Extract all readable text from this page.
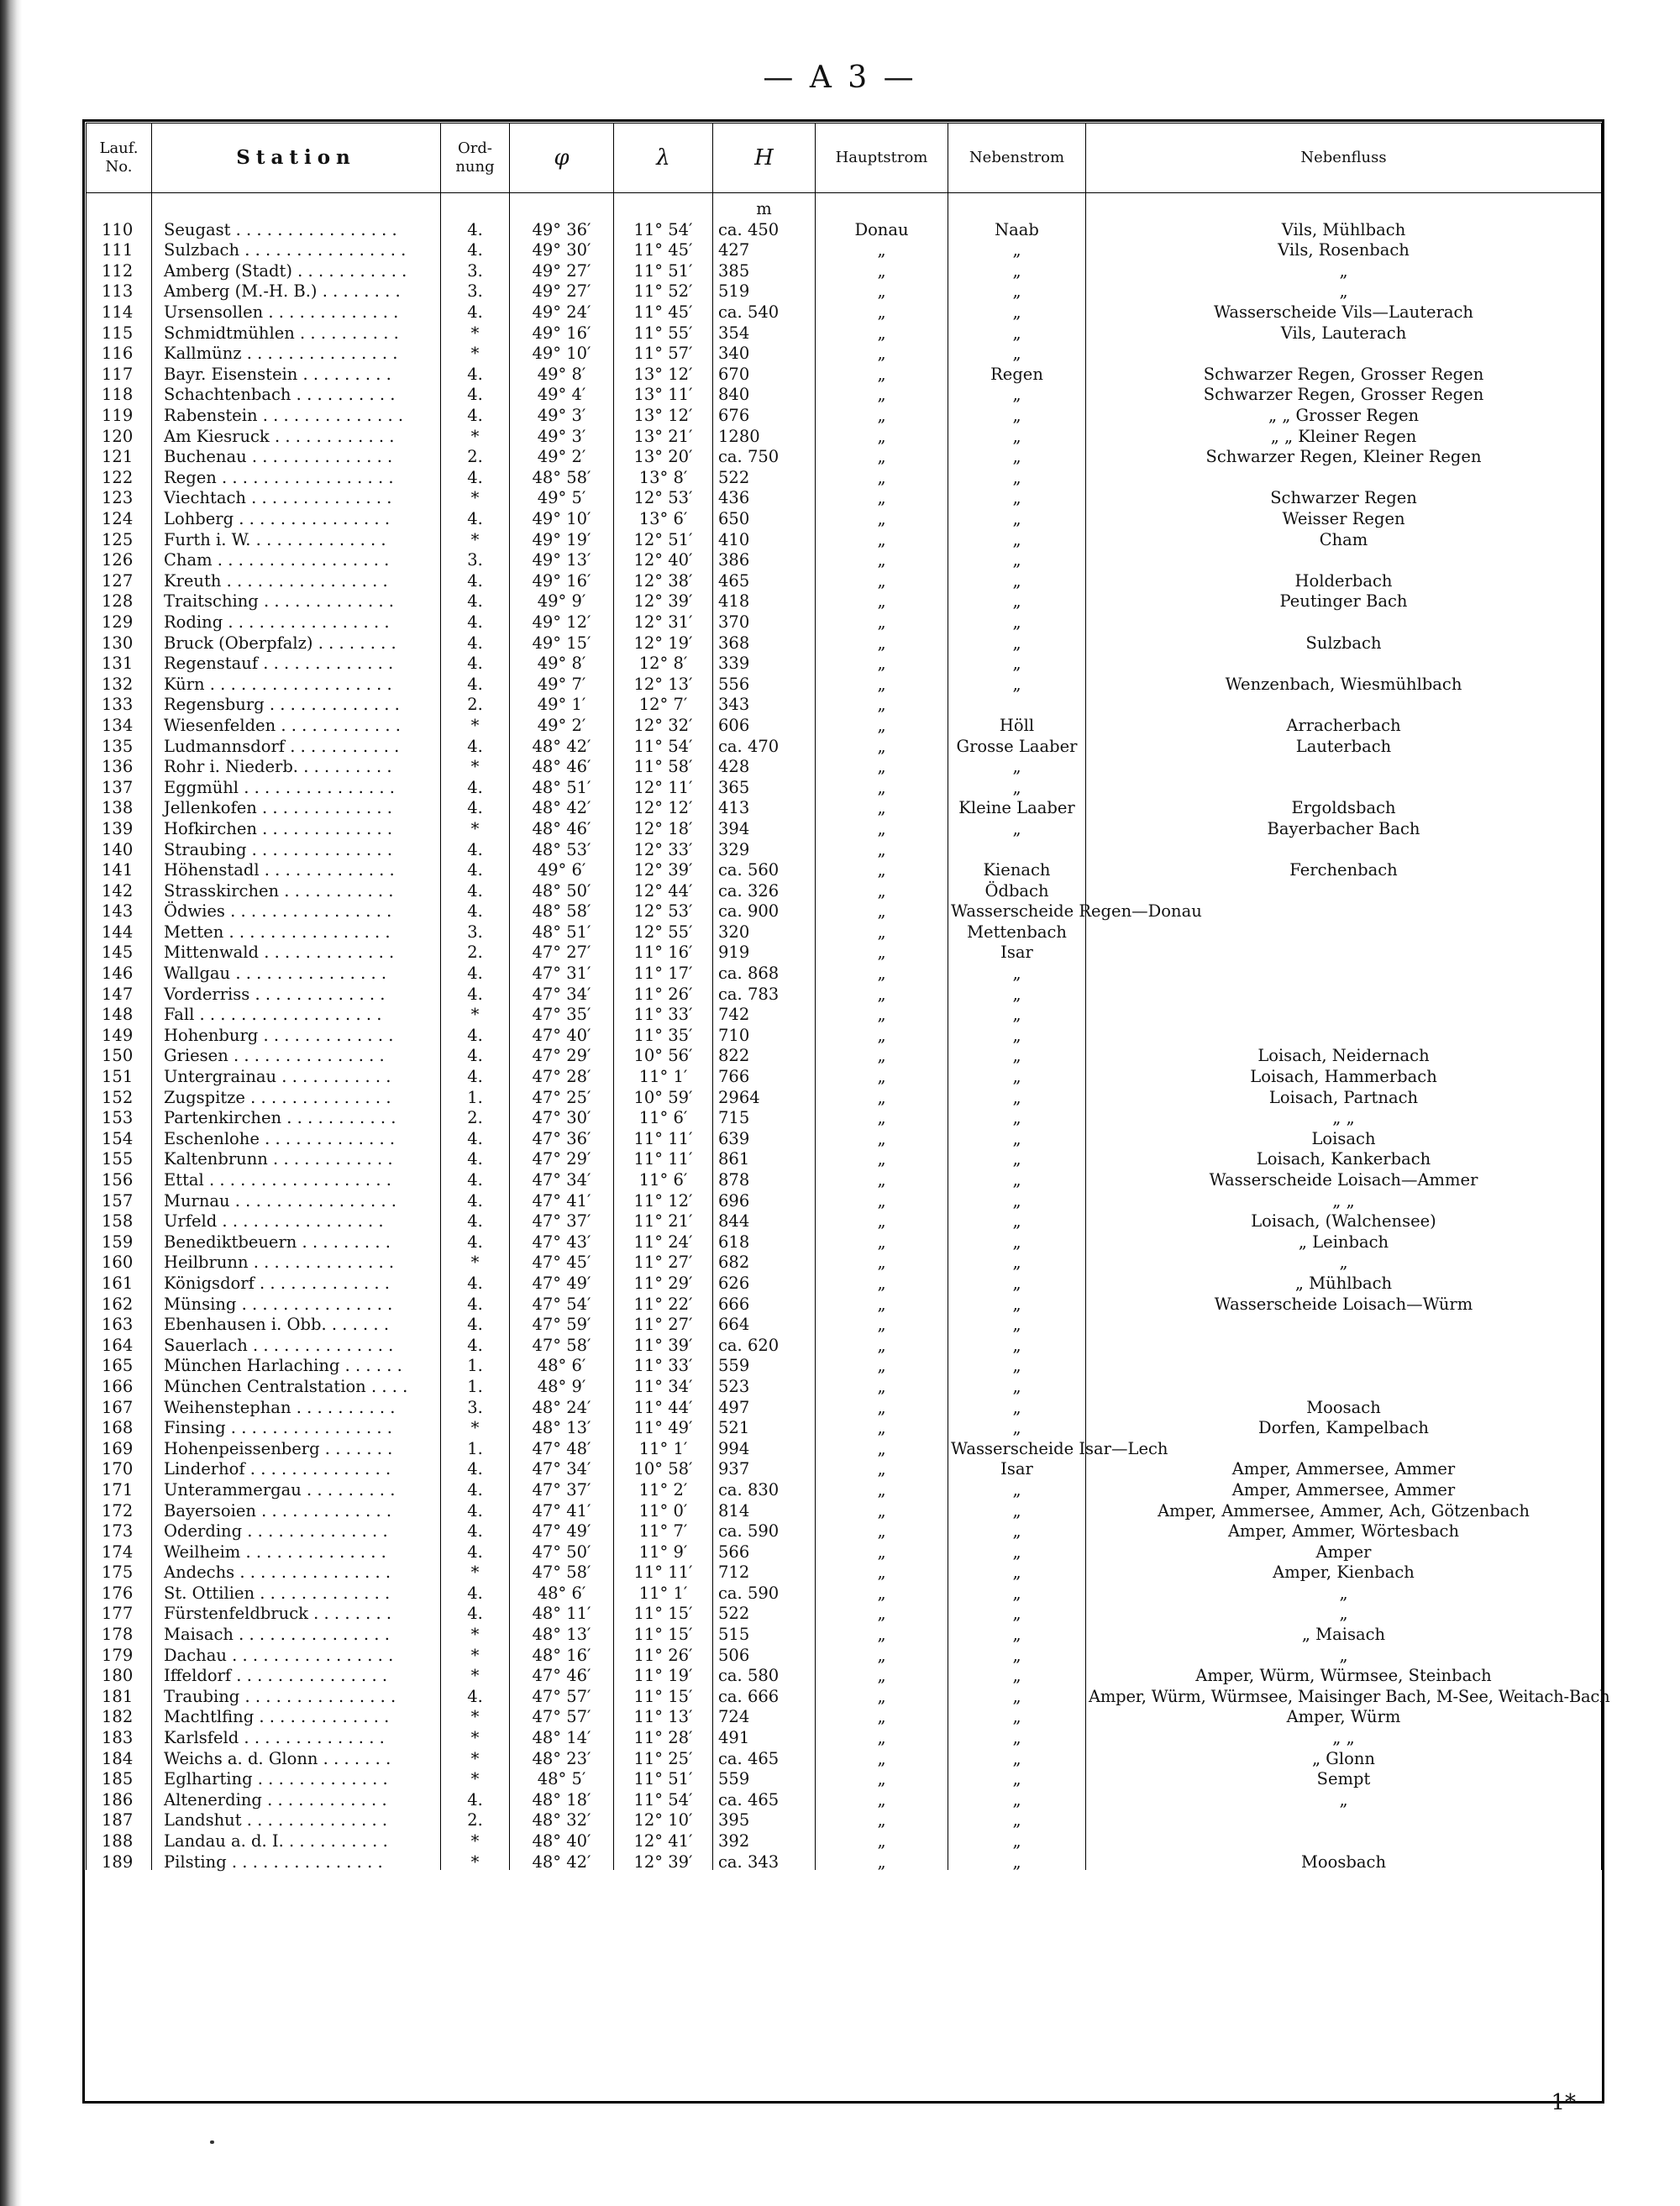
— A 3 —
Lauf. No.	Station	Ord- nung	φ	λ	H	Hauptstrom	Nebenstrom	Nebenfluss
					m			
110	Seugast . . . . . . . . . . . . . . . .	4.	49° 36′	11° 54′	ca. 450	Donau	Naab	Vils, Mühlbach
111	Sulzbach . . . . . . . . . . . . . . . .	4.	49° 30′	11° 45′	427	„	„	Vils, Rosenbach
112	Amberg (Stadt) . . . . . . . . . . .	3.	49° 27′	11° 51′	385	„	„	„
113	Amberg (M.-H. B.) . . . . . . . .	3.	49° 27′	11° 52′	519	„	„	„
114	Ursensollen . . . . . . . . . . . . .	4.	49° 24′	11° 45′	ca. 540	„	„	Wasserscheide Vils—Lauterach
115	Schmidtmühlen . . . . . . . . . .	*	49° 16′	11° 55′	354	„	„	Vils, Lauterach
116	Kallmünz . . . . . . . . . . . . . . .	*	49° 10′	11° 57′	340	„	„	
117	Bayr. Eisenstein . . . . . . . . .	4.	49° 8′	13° 12′	670	„	Regen	Schwarzer Regen, Grosser Regen
118	Schachtenbach . . . . . . . . . .	4.	49° 4′	13° 11′	840	„	„	Schwarzer Regen, Grosser Regen
119	Rabenstein . . . . . . . . . . . . . .	4.	49° 3′	13° 12′	676	„	„	„ „ Grosser Regen
120	Am Kiesruck . . . . . . . . . . . .	*	49° 3′	13° 21′	1280	„	„	„ „ Kleiner Regen
121	Buchenau . . . . . . . . . . . . . .	2.	49° 2′	13° 20′	ca. 750	„	„	Schwarzer Regen, Kleiner Regen
122	Regen . . . . . . . . . . . . . . . . .	4.	48° 58′	13° 8′	522	„	„	
123	Viechtach . . . . . . . . . . . . . .	*	49° 5′	12° 53′	436	„	„	Schwarzer Regen
124	Lohberg . . . . . . . . . . . . . . .	4.	49° 10′	13° 6′	650	„	„	Weisser Regen
125	Furth i. W. . . . . . . . . . . . . .	*	49° 19′	12° 51′	410	„	„	Cham
126	Cham . . . . . . . . . . . . . . . . .	3.	49° 13′	12° 40′	386	„	„	
127	Kreuth . . . . . . . . . . . . . . . .	4.	49° 16′	12° 38′	465	„	„	Holderbach
128	Traitsching . . . . . . . . . . . . .	4.	49° 9′	12° 39′	418	„	„	Peutinger Bach
129	Roding . . . . . . . . . . . . . . . .	4.	49° 12′	12° 31′	370	„	„	
130	Bruck (Oberpfalz) . . . . . . . .	4.	49° 15′	12° 19′	368	„	„	Sulzbach
131	Regenstauf . . . . . . . . . . . . .	4.	49° 8′	12° 8′	339	„	„	
132	Kürn . . . . . . . . . . . . . . . . . .	4.	49° 7′	12° 13′	556	„	„	Wenzenbach, Wiesmühlbach
133	Regensburg . . . . . . . . . . . . .	2.	49° 1′	12° 7′	343	„		
134	Wiesenfelden . . . . . . . . . . . .	*	49° 2′	12° 32′	606	„	Höll	Arracherbach
135	Ludmannsdorf . . . . . . . . . . .	4.	48° 42′	11° 54′	ca. 470	„	Grosse Laaber	Lauterbach
136	Rohr i. Niederb. . . . . . . . . .	*	48° 46′	11° 58′	428	„	„	
137	Eggmühl . . . . . . . . . . . . . . .	4.	48° 51′	12° 11′	365	„	„	
138	Jellenkofen . . . . . . . . . . . . .	4.	48° 42′	12° 12′	413	„	Kleine Laaber	Ergoldsbach
139	Hofkirchen . . . . . . . . . . . . .	*	48° 46′	12° 18′	394	„	„	Bayerbacher Bach
140	Straubing . . . . . . . . . . . . . .	4.	48° 53′	12° 33′	329	„		
141	Höhenstadl . . . . . . . . . . . . .	4.	49° 6′	12° 39′	ca. 560	„	Kienach	Ferchenbach
142	Strasskirchen . . . . . . . . . . .	4.	48° 50′	12° 44′	ca. 326	„	Ödbach	
143	Ödwies . . . . . . . . . . . . . . . .	4.	48° 58′	12° 53′	ca. 900	„	Wasserscheide Regen—Donau	
144	Metten . . . . . . . . . . . . . . . .	3.	48° 51′	12° 55′	320	„	Mettenbach	
145	Mittenwald . . . . . . . . . . . . .	2.	47° 27′	11° 16′	919	„	Isar	
146	Wallgau . . . . . . . . . . . . . . .	4.	47° 31′	11° 17′	ca. 868	„	„	
147	Vorderriss . . . . . . . . . . . . .	4.	47° 34′	11° 26′	ca. 783	„	„	
148	Fall . . . . . . . . . . . . . . . . . .	*	47° 35′	11° 33′	742	„	„	
149	Hohenburg . . . . . . . . . . . . .	4.	47° 40′	11° 35′	710	„	„	
150	Griesen . . . . . . . . . . . . . . .	4.	47° 29′	10° 56′	822	„	„	Loisach, Neidernach
151	Untergrainau . . . . . . . . . . .	4.	47° 28′	11° 1′	766	„	„	Loisach, Hammerbach
152	Zugspitze . . . . . . . . . . . . . .	1.	47° 25′	10° 59′	2964	„	„	Loisach, Partnach
153	Partenkirchen . . . . . . . . . . .	2.	47° 30′	11° 6′	715	„	„	„ „
154	Eschenlohe . . . . . . . . . . . . .	4.	47° 36′	11° 11′	639	„	„	Loisach
155	Kaltenbrunn . . . . . . . . . . . .	4.	47° 29′	11° 11′	861	„	„	Loisach, Kankerbach
156	Ettal . . . . . . . . . . . . . . . . . .	4.	47° 34′	11° 6′	878	„	„	Wasserscheide Loisach—Ammer
157	Murnau . . . . . . . . . . . . . . . .	4.	47° 41′	11° 12′	696	„	„	„ „
158	Urfeld . . . . . . . . . . . . . . . .	4.	47° 37′	11° 21′	844	„	„	Loisach, (Walchensee)
159	Benediktbeuern . . . . . . . . .	4.	47° 43′	11° 24′	618	„	„	„ Leinbach
160	Heilbrunn . . . . . . . . . . . . . .	*	47° 45′	11° 27′	682	„	„	„
161	Königsdorf . . . . . . . . . . . . .	4.	47° 49′	11° 29′	626	„	„	„ Mühlbach
162	Münsing . . . . . . . . . . . . . . .	4.	47° 54′	11° 22′	666	„	„	Wasserscheide Loisach—Würm
163	Ebenhausen i. Obb. . . . . . .	4.	47° 59′	11° 27′	664	„	„	
164	Sauerlach . . . . . . . . . . . . . .	4.	47° 58′	11° 39′	ca. 620	„	„	
165	München Harlaching . . . . . .	1.	48° 6′	11° 33′	559	„	„	
166	München Centralstation . . . .	1.	48° 9′	11° 34′	523	„	„	
167	Weihenstephan . . . . . . . . . .	3.	48° 24′	11° 44′	497	„	„	Moosach
168	Finsing . . . . . . . . . . . . . . . .	*	48° 13′	11° 49′	521	„	„	Dorfen, Kampelbach
169	Hohenpeissenberg . . . . . . .	1.	47° 48′	11° 1′	994	„	Wasserscheide Isar—Lech	
170	Linderhof . . . . . . . . . . . . . .	4.	47° 34′	10° 58′	937	„	Isar	Amper, Ammersee, Ammer
171	Unterammergau . . . . . . . . .	4.	47° 37′	11° 2′	ca. 830	„	„	Amper, Ammersee, Ammer
172	Bayersoien . . . . . . . . . . . . .	4.	47° 41′	11° 0′	814	„	„	Amper, Ammersee, Ammer, Ach, Götzenbach
173	Oderding . . . . . . . . . . . . . .	4.	47° 49′	11° 7′	ca. 590	„	„	Amper, Ammer, Wörtesbach
174	Weilheim . . . . . . . . . . . . . .	4.	47° 50′	11° 9′	566	„	„	Amper
175	Andechs . . . . . . . . . . . . . . .	*	47° 58′	11° 11′	712	„	„	Amper, Kienbach
176	St. Ottilien . . . . . . . . . . . . .	4.	48° 6′	11° 1′	ca. 590	„	„	„
177	Fürstenfeldbruck . . . . . . . .	4.	48° 11′	11° 15′	522	„	„	„
178	Maisach . . . . . . . . . . . . . . .	*	48° 13′	11° 15′	515	„	„	„ Maisach
179	Dachau . . . . . . . . . . . . . . . .	*	48° 16′	11° 26′	506	„	„	„
180	Iffeldorf . . . . . . . . . . . . . . .	*	47° 46′	11° 19′	ca. 580	„	„	Amper, Würm, Würmsee, Steinbach
181	Traubing . . . . . . . . . . . . . . .	4.	47° 57′	11° 15′	ca. 666	„	„	Amper, Würm, Würmsee, Maisinger Bach, M-See, Weitach-Bach
182	Machtlfing . . . . . . . . . . . . .	*	47° 57′	11° 13′	724	„	„	Amper, Würm
183	Karlsfeld . . . . . . . . . . . . . .	*	48° 14′	11° 28′	491	„	„	„ „
184	Weichs a. d. Glonn . . . . . . .	*	48° 23′	11° 25′	ca. 465	„	„	„ Glonn
185	Eglharting . . . . . . . . . . . . .	*	48° 5′	11° 51′	559	„	„	Sempt
186	Altenerding . . . . . . . . . . . .	4.	48° 18′	11° 54′	ca. 465	„	„	„
187	Landshut . . . . . . . . . . . . . .	2.	48° 32′	12° 10′	395	„	„	
188	Landau a. d. I. . . . . . . . . . .	*	48° 40′	12° 41′	392	„	„	
189	Pilsting . . . . . . . . . . . . . . .	*	48° 42′	12° 39′	ca. 343	„	„	Moosbach
1*
